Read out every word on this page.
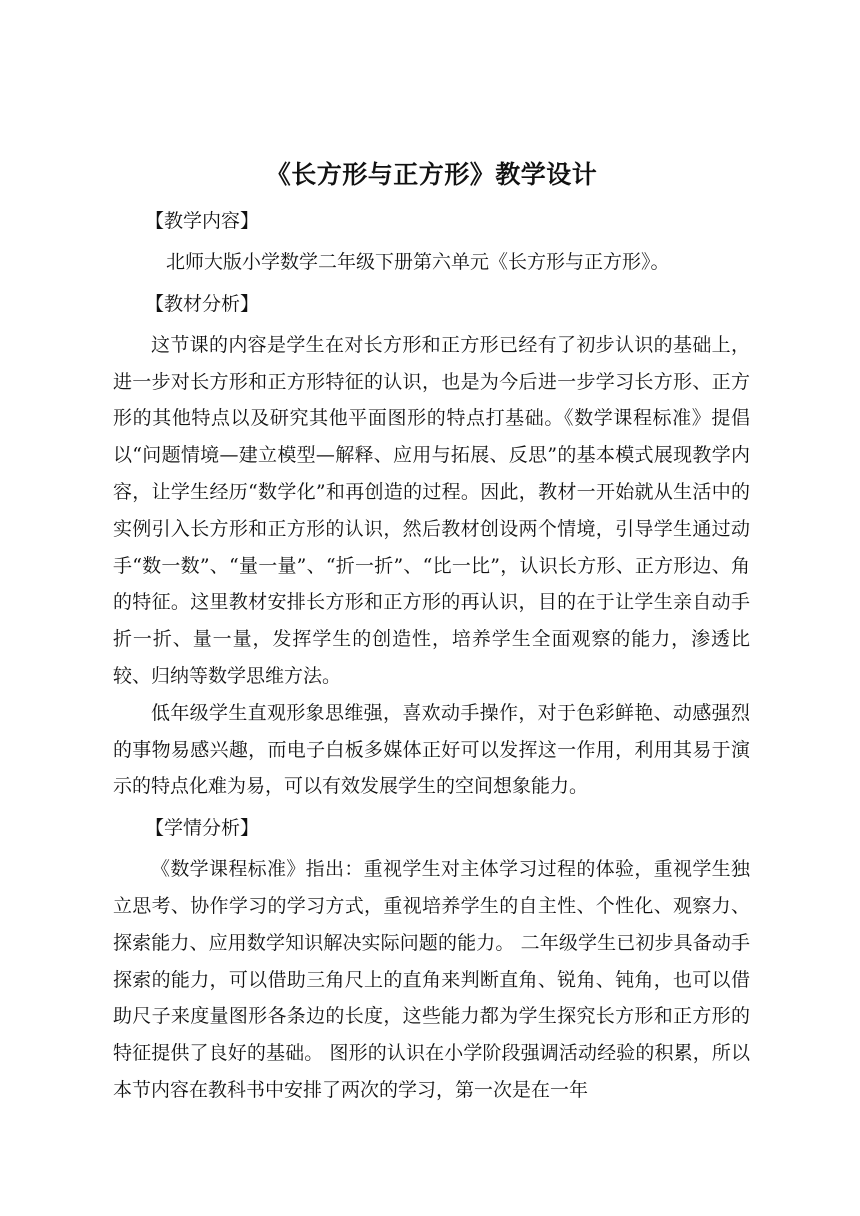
《长方形与正方形》教学设计

【教学内容】

北师大版小学数学二年级下册第六单元《长方形与正方形》。

【教材分析】

这节课的内容是学生在对长方形和正方形已经有了初步认识的基础上，进一步对长方形和正方形特征的认识，也是为今后进一步学习长方形、正方形的其他特点以及研究其他平面图形的特点打基础。《数学课程标准》提倡以“问题情境—建立模型—解释、应用与拓展、反思”的基本模式展现教学内容，让学生经历“数学化”和再创造的过程。因此，教材一开始就从生活中的实例引入长方形和正方形的认识，然后教材创设两个情境，引导学生通过动手“数一数”、“量一量”、“折一折”、“比一比”，认识长方形、正方形边、角的特征。这里教材安排长方形和正方形的再认识，目的在于让学生亲自动手折一折、量一量，发挥学生的创造性，培养学生全面观察的能力，渗透比较、归纳等数学思维方法。

低年级学生直观形象思维强，喜欢动手操作，对于色彩鲜艳、动感强烈的事物易感兴趣，而电子白板多媒体正好可以发挥这一作用，利用其易于演示的特点化难为易，可以有效发展学生的空间想象能力。

【学情分析】

《数学课程标准》指出：重视学生对主体学习过程的体验，重视学生独立思考、协作学习的学习方式，重视培养学生的自主性、个性化、观察力、探索能力、应用数学知识解决实际问题的能力。 二年级学生已初步具备动手探索的能力，可以借助三角尺上的直角来判断直角、锐角、钝角，也可以借助尺子来度量图形各条边的长度，这些能力都为学生探究长方形和正方形的特征提供了良好的基础。 图形的认识在小学阶段强调活动经验的积累，所以本节内容在教科书中安排了两次的学习，第一次是在一年
